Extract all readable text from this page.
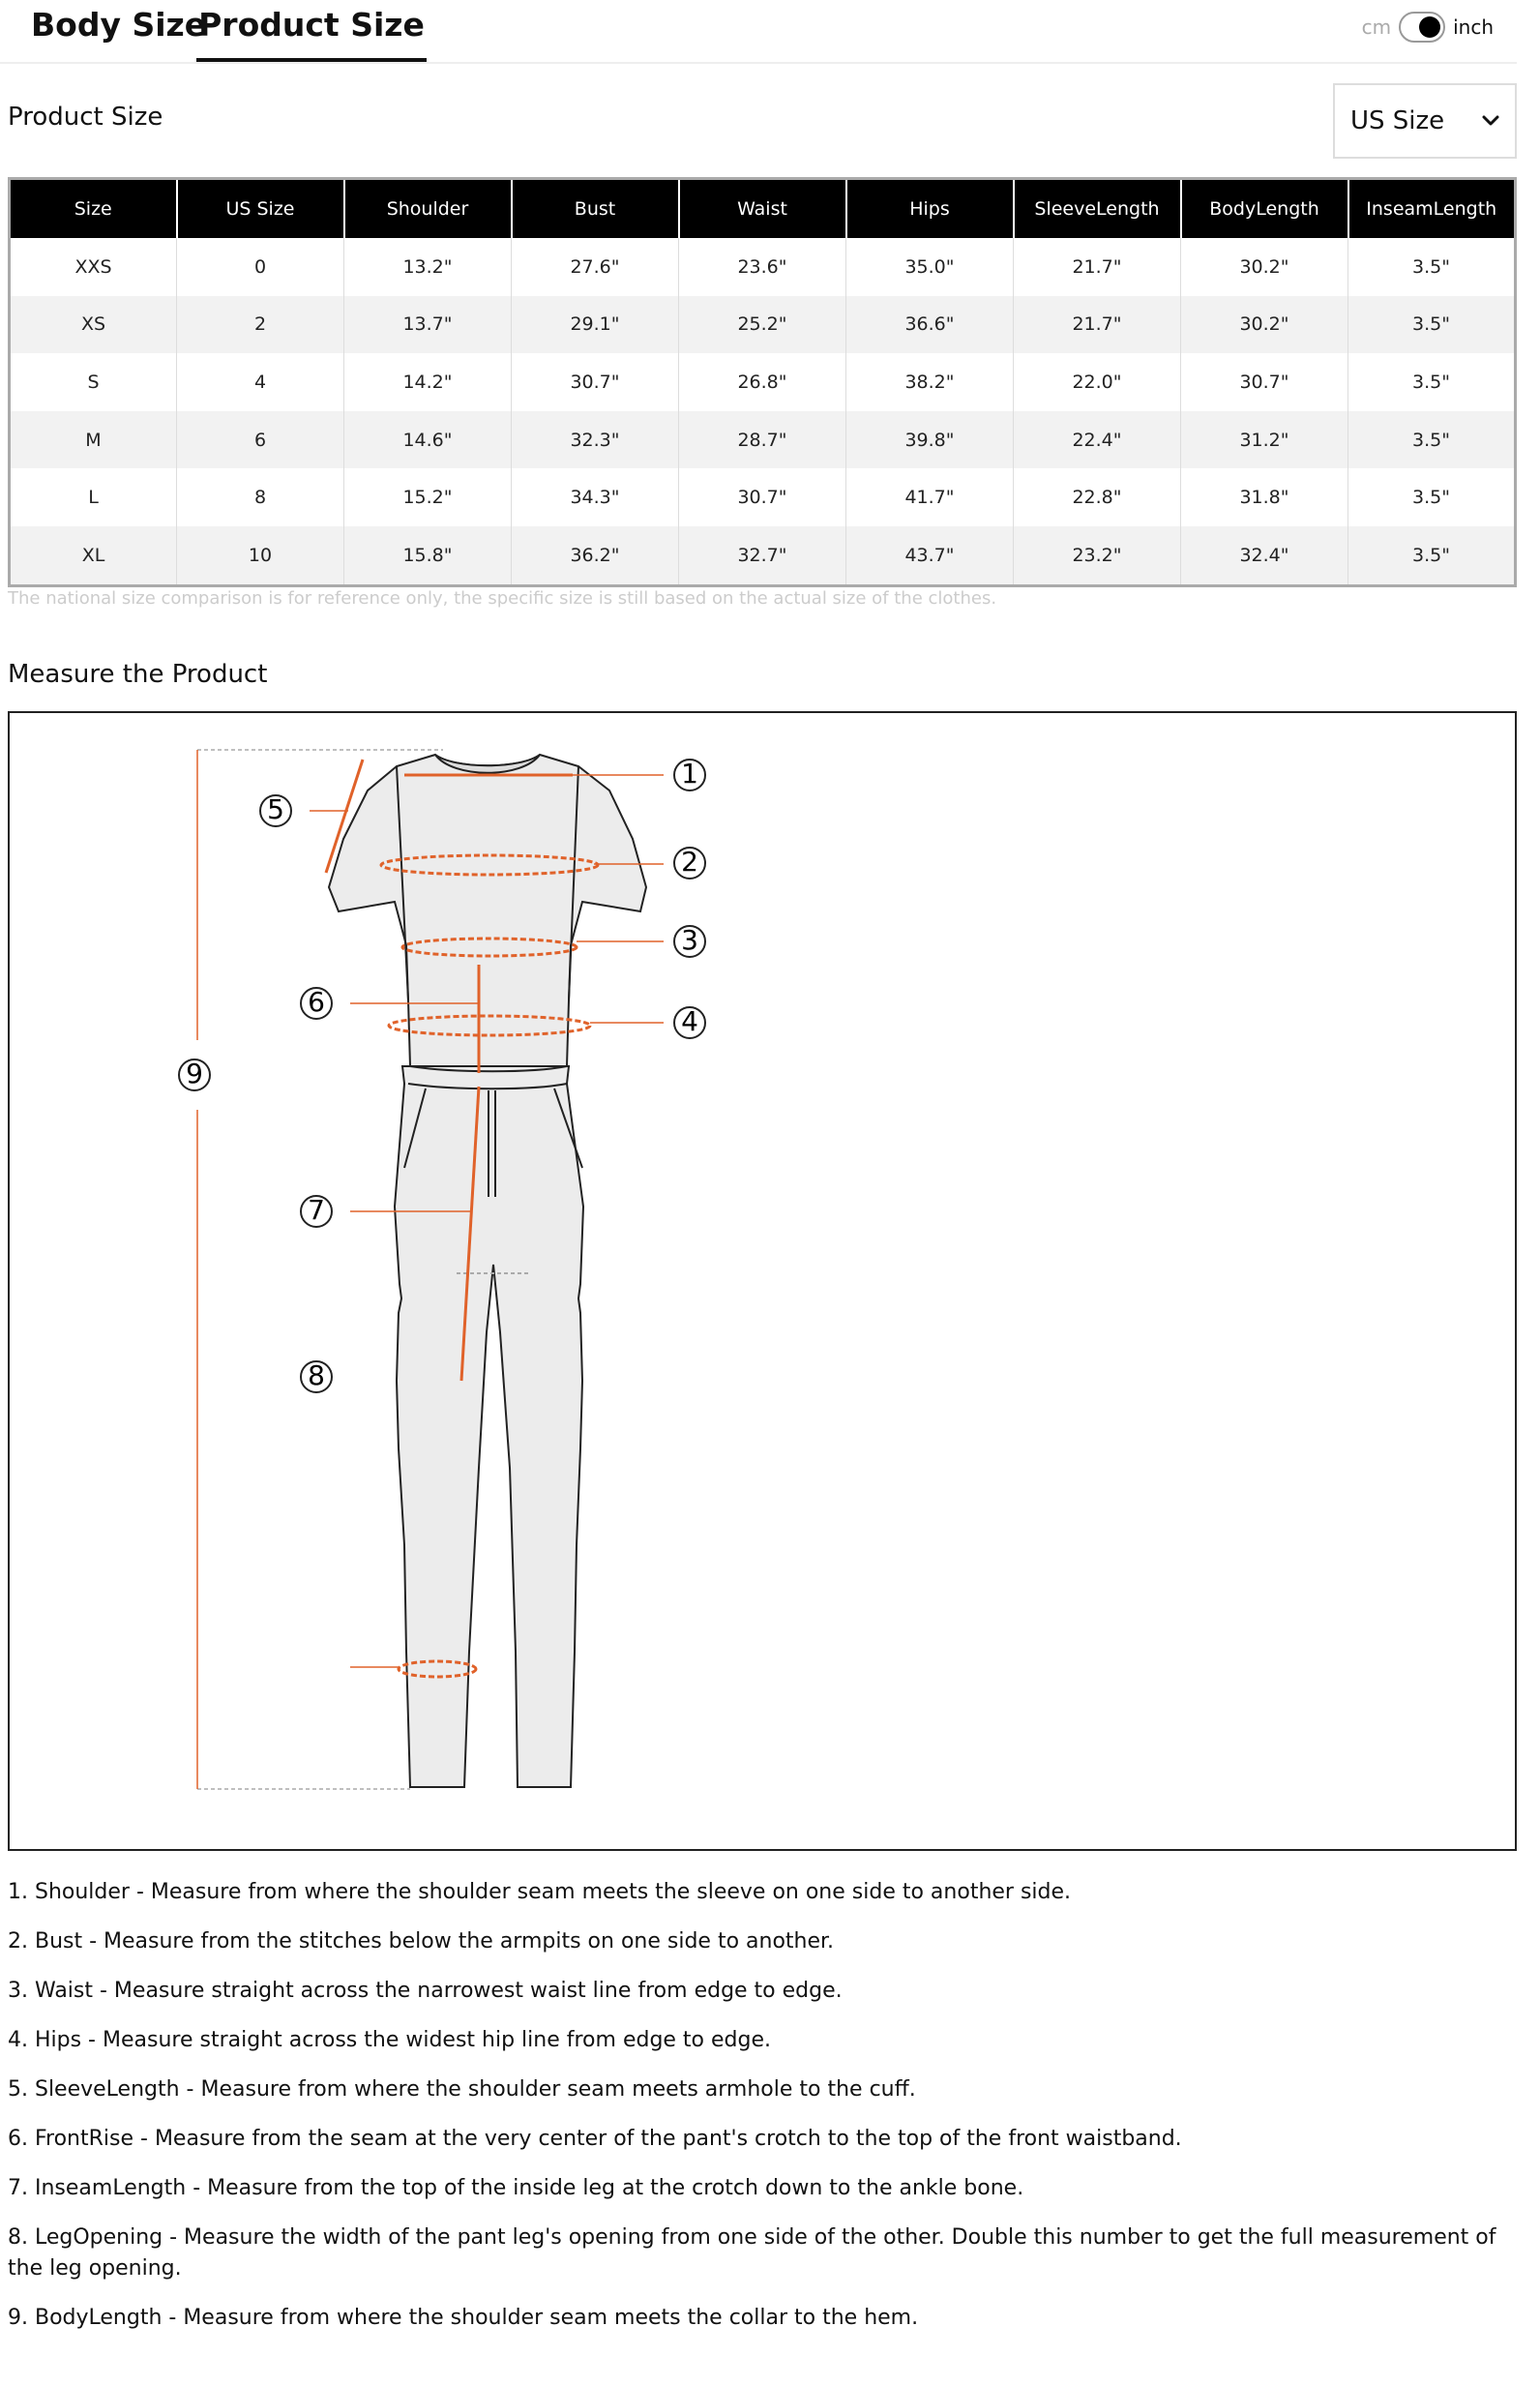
Body Size
Product Size	cm	inch
Product Size	US Size
Size	US Size	Shoulder	Bust	Waist	Hips	SleeveLength	BodyLength	InseamLength
XXS	0	13.2"	27.6"	23.6"	35.0"	21.7"	30.2"	3.5"
XS	2	13.7"	29.1"	25.2"	36.6"	21.7"	30.2"	3.5"
S	4	14.2"	30.7"	26.8"	38.2"	22.0"	30.7"	3.5"
M	6	14.6"	32.3"	28.7"	39.8"	22.4"	31.2"	3.5"
L	8	15.2"	34.3"	30.7"	41.7"	22.8"	31.8"	3.5"
XL	10	15.8"	36.2"	32.7"	43.7"	23.2"	32.4"	3.5"
The national size comparison is for reference only, the specific size is still based on the actual size of the clothes.
Measure the Product
1
2
3
4
5
6
7
8
9
1. Shoulder - Measure from where the shoulder seam meets the sleeve on one side to another side.
2. Bust - Measure from the stitches below the armpits on one side to another.
3. Waist - Measure straight across the narrowest waist line from edge to edge.
4. Hips - Measure straight across the widest hip line from edge to edge.
5. SleeveLength - Measure from where the shoulder seam meets armhole to the cuff.
6. FrontRise - Measure from the seam at the very center of the pant's crotch to the top of the front waistband.
7. InseamLength - Measure from the top of the inside leg at the crotch down to the ankle bone.
8. LegOpening - Measure the width of the pant leg's opening from one side of the other. Double this number to get the full measurement of the leg opening.
9. BodyLength - Measure from where the shoulder seam meets the collar to the hem.
